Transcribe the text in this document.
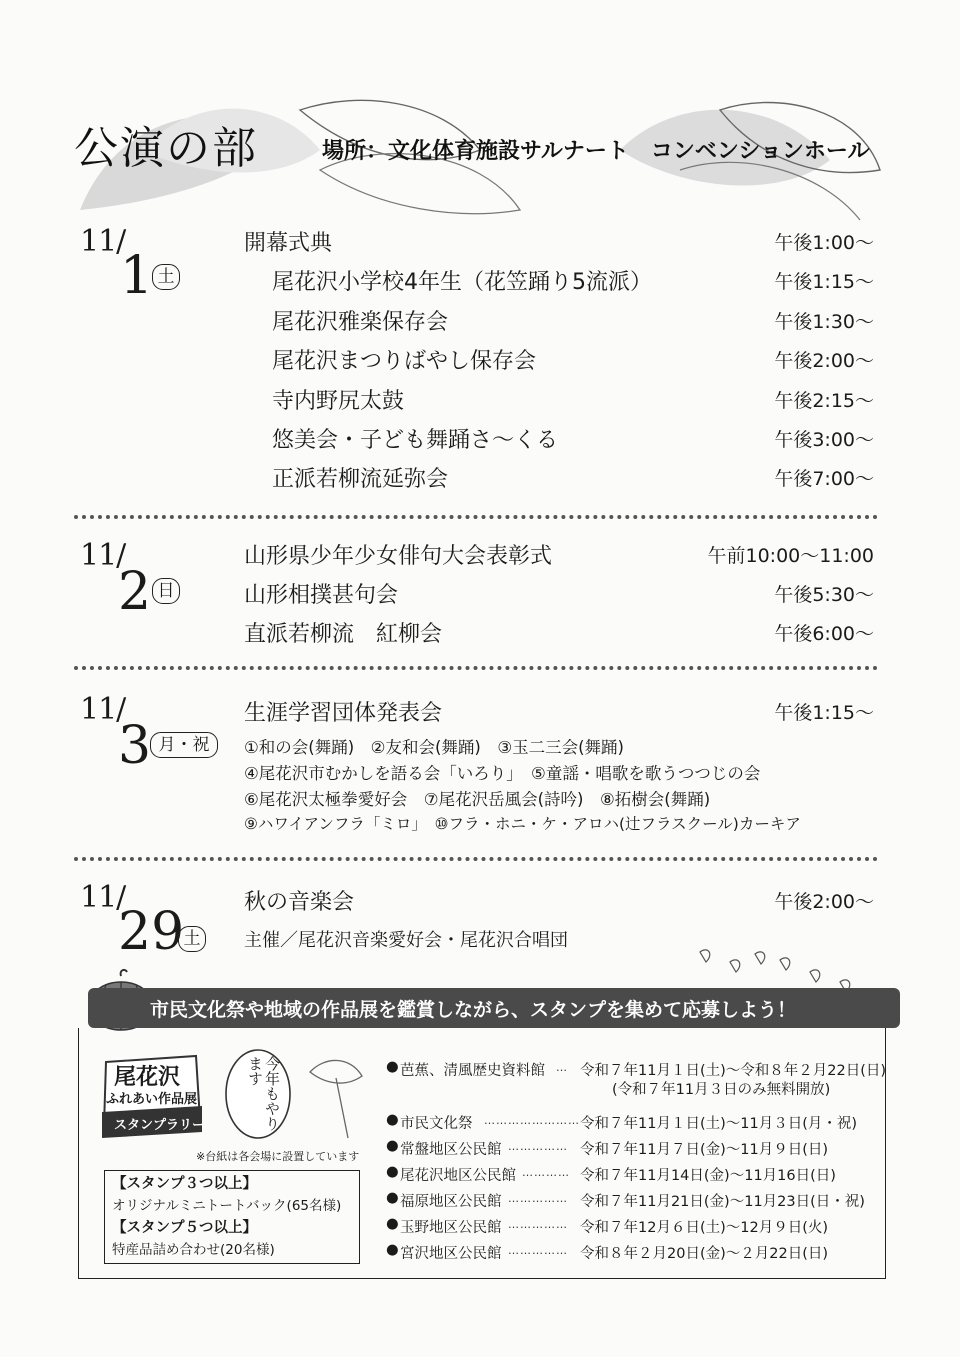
公演の部	場所：文化体育施設サルナート　コンベンションホール
11/
1 土
開幕式典	午後1:00〜
尾花沢小学校4年生（花笠踊り5流派）	午後1:15〜
尾花沢雅楽保存会	午後1:30〜
尾花沢まつりばやし保存会	午後2:00〜
寺内野尻太鼓	午後2:15〜
悠美会・子ども舞踊さ〜くる	午後3:00〜
正派若柳流延弥会	午後7:00〜
11/
2 日
山形県少年少女俳句大会表彰式	午前10:00〜11:00
山形相撲甚句会	午後5:30〜
直派若柳流　紅柳会	午後6:00〜
11/
3 月・祝
生涯学習団体発表会	午後1:15〜
①和の会(舞踊)　②友和会(舞踊)　③玉二三会(舞踊)
④尾花沢市むかしを語る会「いろり」　⑤童謡・唱歌を歌うつつじの会
⑥尾花沢太極拳愛好会　⑦尾花沢岳風会(詩吟)　⑧拓樹会(舞踊)
⑨ハワイアンフラ「ミロ」　⑩フラ・ホニ・ケ・アロハ(辻フラスクール)カーキア
11/
29 土
秋の音楽会	午後2:00〜
主催／尾花沢音楽愛好会・尾花沢合唱団
市民文化祭や地域の作品展を鑑賞しながら、スタンプを集めて応募しよう！
尾花沢
ふれあい作品展
スタンプラリー	今年もやります
※台紙は各会場に設置しています
【スタンプ３つ以上】
オリジナルミニトートバック(65名様)
【スタンプ５つ以上】
特産品詰め合わせ(20名様)
● 芭蕉、清風歴史資料館 … 令和７年11月１日(土)〜令和８年２月22日(日)
(令和７年11月３日のみ無料開放)
● 市民文化祭 …………………… 令和７年11月１日(土)〜11月３日(月・祝)
● 常盤地区公民館 …………… 令和７年11月７日(金)〜11月９日(日)
● 尾花沢地区公民館 ………… 令和７年11月14日(金)〜11月16日(日)
● 福原地区公民館 …………… 令和７年11月21日(金)〜11月23日(日・祝)
● 玉野地区公民館 …………… 令和７年12月６日(土)〜12月９日(火)
● 宮沢地区公民館 …………… 令和８年２月20日(金)〜２月22日(日)
